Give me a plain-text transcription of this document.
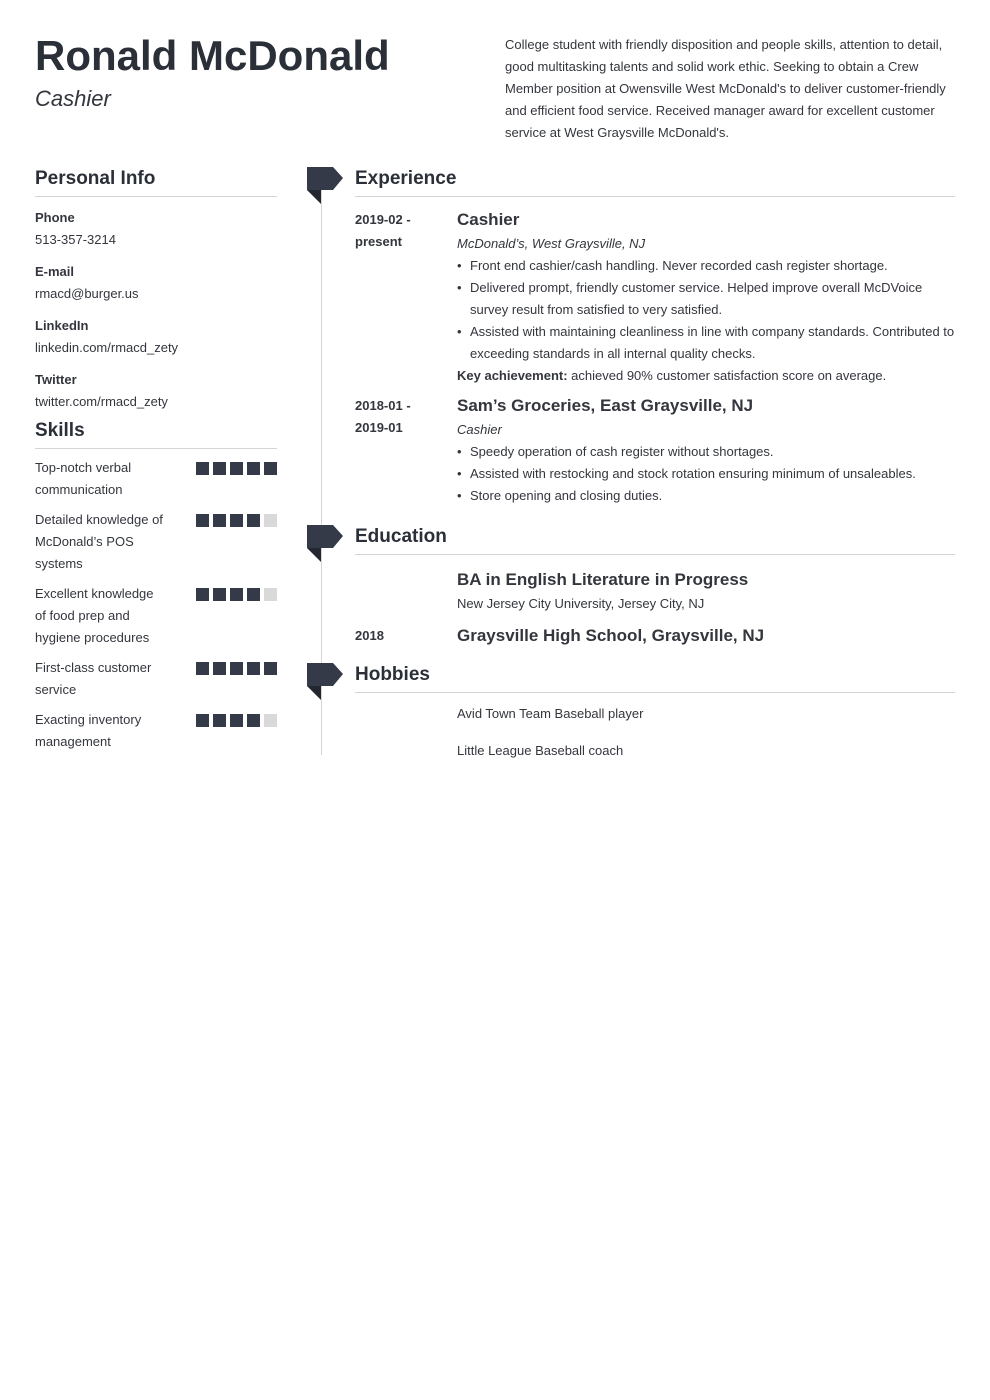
Ronald McDonald
Cashier
College student with friendly disposition and people skills, attention to detail, good multitasking talents and solid work ethic. Seeking to obtain a Crew Member position at Owensville West McDonald's to deliver customer-friendly and efficient food service. Received manager award for excellent customer service at West Graysville McDonald's.
Personal Info
Phone
513-357-3214
E-mail
rmacd@burger.us
LinkedIn
linkedin.com/rmacd_zety
Twitter
twitter.com/rmacd_zety
Skills
Top-notch verbal communication
Detailed knowledge of McDonald’s POS systems
Excellent knowledge of food prep and hygiene procedures
First-class customer service
Exacting inventory management
Experience
2019-02 -
present
Cashier
McDonald’s, West Graysville, NJ
• Front end cashier/cash handling. Never recorded cash register shortage.
• Delivered prompt, friendly customer service. Helped improve overall McDVoice survey result from satisfied to very satisfied.
• Assisted with maintaining cleanliness in line with company standards. Contributed to exceeding standards in all internal quality checks.
Key achievement: achieved 90% customer satisfaction score on average.
2018-01 -
2019-01
Sam’s Groceries, East Graysville, NJ
Cashier
• Speedy operation of cash register without shortages.
• Assisted with restocking and stock rotation ensuring minimum of unsaleables.
• Store opening and closing duties.
Education
BA in English Literature in Progress
New Jersey City University, Jersey City, NJ
2018	Graysville High School, Graysville, NJ
Hobbies
Avid Town Team Baseball player
Little League Baseball coach
